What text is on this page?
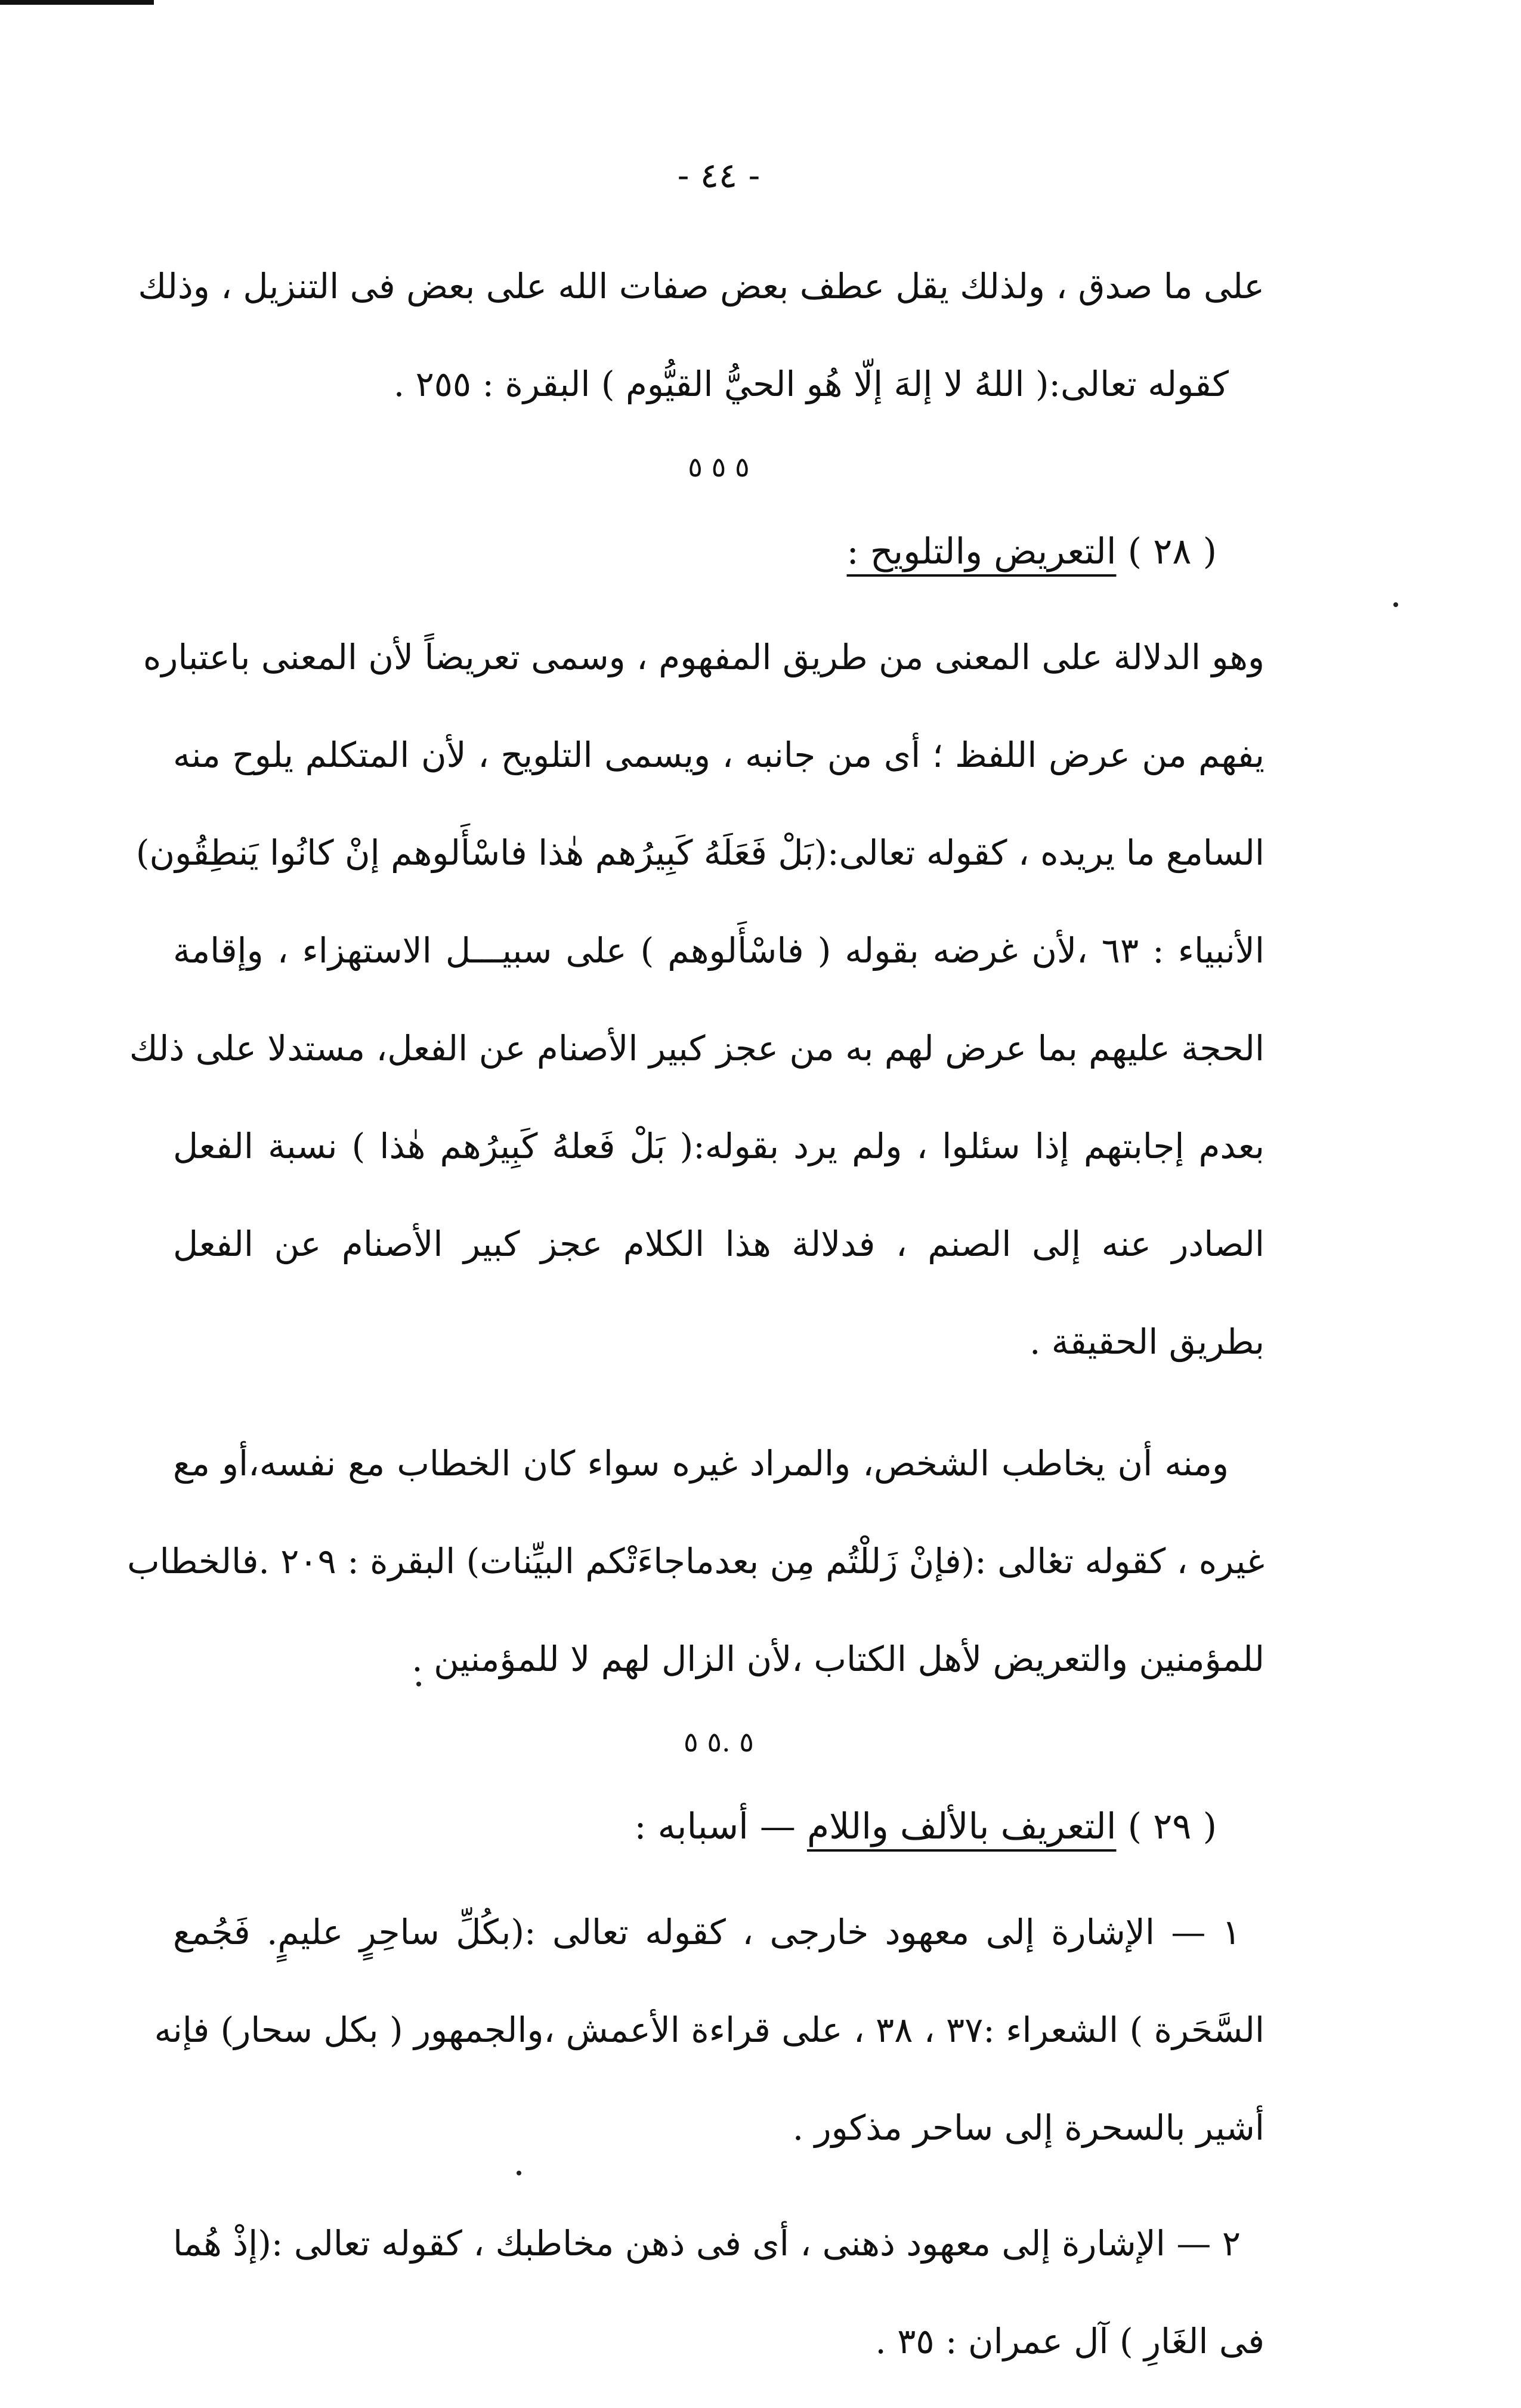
- ٤٤ -
على ما صدق ، ولذلك يقل عطف بعض صفات الله على بعض فى التنزيل ، وذلك
كقوله تعالى:( اللهُ لا إلهَ إلّا هُو الحيُّ القيُّوم ) البقرة : ٢٥٥ .
٥ ٥ ٥
( ٢٨ ) التعريض والتلويح :
وهو الدلالة على المعنى من طريق المفهوم ، وسمى تعريضاً لأن المعنى باعتباره
يفهم من عرض اللفظ ؛ أى من جانبه ، ويسمى التلويح ، لأن المتكلم يلوح منه
السامع ما يريده ، كقوله تعالى:(بَلْ فَعَلَهُ كَبِيرُهم هٰذا فاسْأَلوهم إنْ كانُوا يَنطِقُون)
الأنبياء : ٦٣ ،لأن غرضه بقوله ( فاسْأَلوهم ) على سبيـــل الاستهزاء ، وإقامة
الحجة عليهم بما عرض لهم به من عجز كبير الأصنام عن الفعل، مستدلا على ذلك
بعدم إجابتهم إذا سئلوا ، ولم يرد بقوله:( بَلْ فَعلهُ كَبِيرُهم هٰذا ) نسبة الفعل
الصادر عنه إلى الصنم ، فدلالة هذا الكلام عجز كبير الأصنام عن الفعل
بطريق الحقيقة .
ومنه أن يخاطب الشخص، والمراد غيره سواء كان الخطاب مع نفسه،أو مع
غيره ، كقوله تعالى :(فإنْ زَللْتُم مِن بعدماجاءَتْكم البيِّنات) البقرة : ٢٠٩ .فالخطاب
للمؤمنين والتعريض لأهل الكتاب ،لأن الزال لهم لا للمؤمنين .
٥ .٥ ٥
( ٢٩ ) التعريف بالألف واللام — أسبابه :
١ — الإشارة إلى معهود خارجى ، كقوله تعالى :(بكُلِّ ساحِرٍ عليمٍ. فَجُمع
السَّحَرة ) الشعراء :٣٧ ، ٣٨ ، على قراءة الأعمش ،والجمهور ( بكل سحار) فإنه
أشير بالسحرة إلى ساحر مذكور .
٢ — الإشارة إلى معهود ذهنى ، أى فى ذهن مخاطبك ، كقوله تعالى :(إذْ هُما
فى الغَارِ ) آل عمران : ٣٥ .
